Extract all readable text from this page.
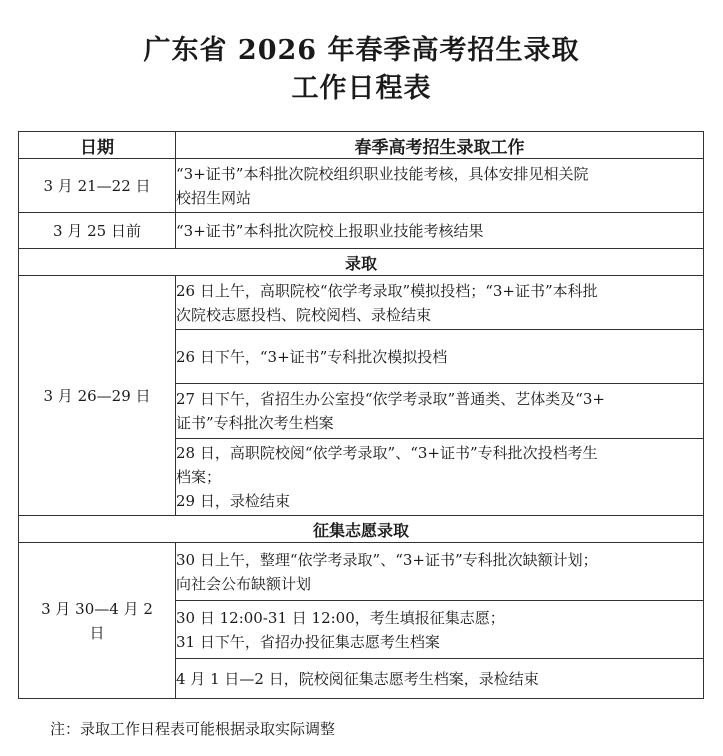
广东省 2026 年春季高考招生录取
工作日程表
日期	春季高考招生录取工作
3 月 21—22 日	“3+证书”本科批次院校组织职业技能考核，具体安排见相关院
校招生网站

3 月 25 日前	“3+证书”本科批次院校上报职业技能考核结果

录取	
3 月 26—29 日	26 日上午，高职院校“依学考录取”模拟投档；“3+证书”本科批
次院校志愿投档、院校阅档、录检结束

	26 日下午，“3+证书”专科批次模拟投档

	27 日下午，省招生办公室投“依学考录取”普通类、艺体类及“3+
证书”专科批次考生档案

	28 日，高职院校阅“依学考录取”、“3+证书”专科批次投档考生
档案；
29 日，录检结束

征集志愿录取	

3 月 30—4 月 2
日	30 日上午，整理“依学考录取”、“3+证书”专科批次缺额计划；
向社会公布缺额计划

	30 日 12:00-31 日 12:00，考生填报征集志愿；
31 日下午，省招办投征集志愿考生档案

	4 月 1 日—2 日，院校阅征集志愿考生档案，录检结束
注：录取工作日程表可能根据录取实际调整
